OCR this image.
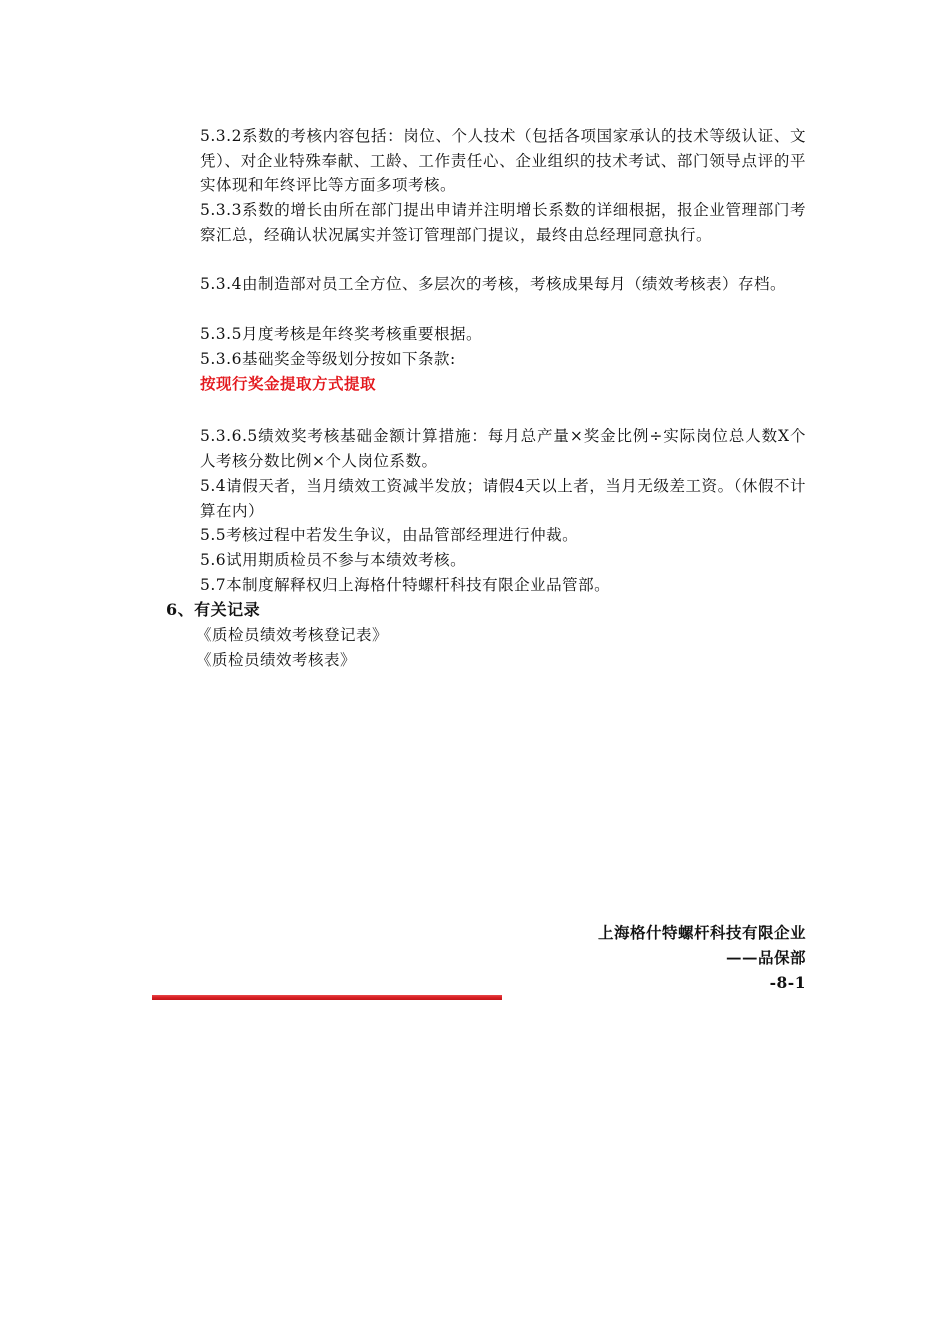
5.3.2系数的考核内容包括：岗位、个人技术（包括各项国家承认的技术等级认证、文凭）、对企业特殊奉献、工龄、工作责任心、企业组织的技术考试、部门领导点评的平实体现和年终评比等方面多项考核。

5.3.3系数的增长由所在部门提出申请并注明增长系数的详细根据，报企业管理部门考察汇总，经确认状况属实并签订管理部门提议，最终由总经理同意执行。

5.3.4由制造部对员工全方位、多层次的考核，考核成果每月（绩效考核表）存档。

5.3.5月度考核是年终奖考核重要根据。

5.3.6基础奖金等级划分按如下条款:

按现行奖金提取方式提取

5.3.6.5绩效奖考核基础金额计算措施：每月总产量×奖金比例÷实际岗位总人数X个人考核分数比例×个人岗位系数。

5.4请假天者，当月绩效工资减半发放；请假4天以上者，当月无级差工资。（休假不计算在内）

5.5考核过程中若发生争议，由品管部经理进行仲裁。

5.6试用期质检员不参与本绩效考核。

5.7本制度解释权归上海格什特螺杆科技有限企业品管部。

6、有关记录
《质检员绩效考核登记表》
《质检员绩效考核表》
上海格什特螺杆科技有限企业
——品保部
-8-1
